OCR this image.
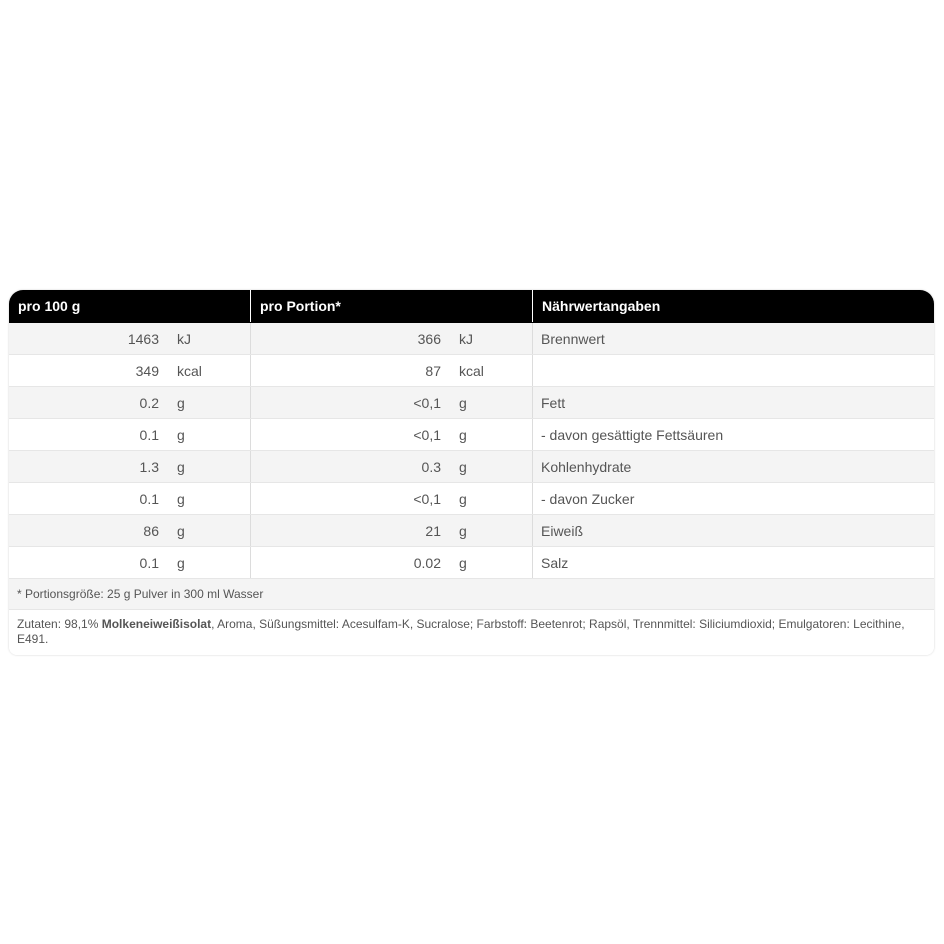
pro 100 g	pro Portion*	Nährwertangaben
1463	kJ	366	kJ	Brennwert
349	kcal	87	kcal
0.2	g	<0,1	g	Fett
0.1	g	<0,1	g	- davon gesättigte Fettsäuren
1.3	g	0.3	g	Kohlenhydrate
0.1	g	<0,1	g	- davon Zucker
86	g	21	g	Eiweiß
0.1	g	0.02	g	Salz
* Portionsgröße: 25 g Pulver in 300 ml Wasser
Zutaten: 98,1% Molkeneiweißisolat, Aroma, Süßungsmittel: Acesulfam-K, Sucralose; Farbstoff: Beetenrot; Rapsöl, Trennmittel: Siliciumdioxid; Emulgatoren: Lecithine, E491.
